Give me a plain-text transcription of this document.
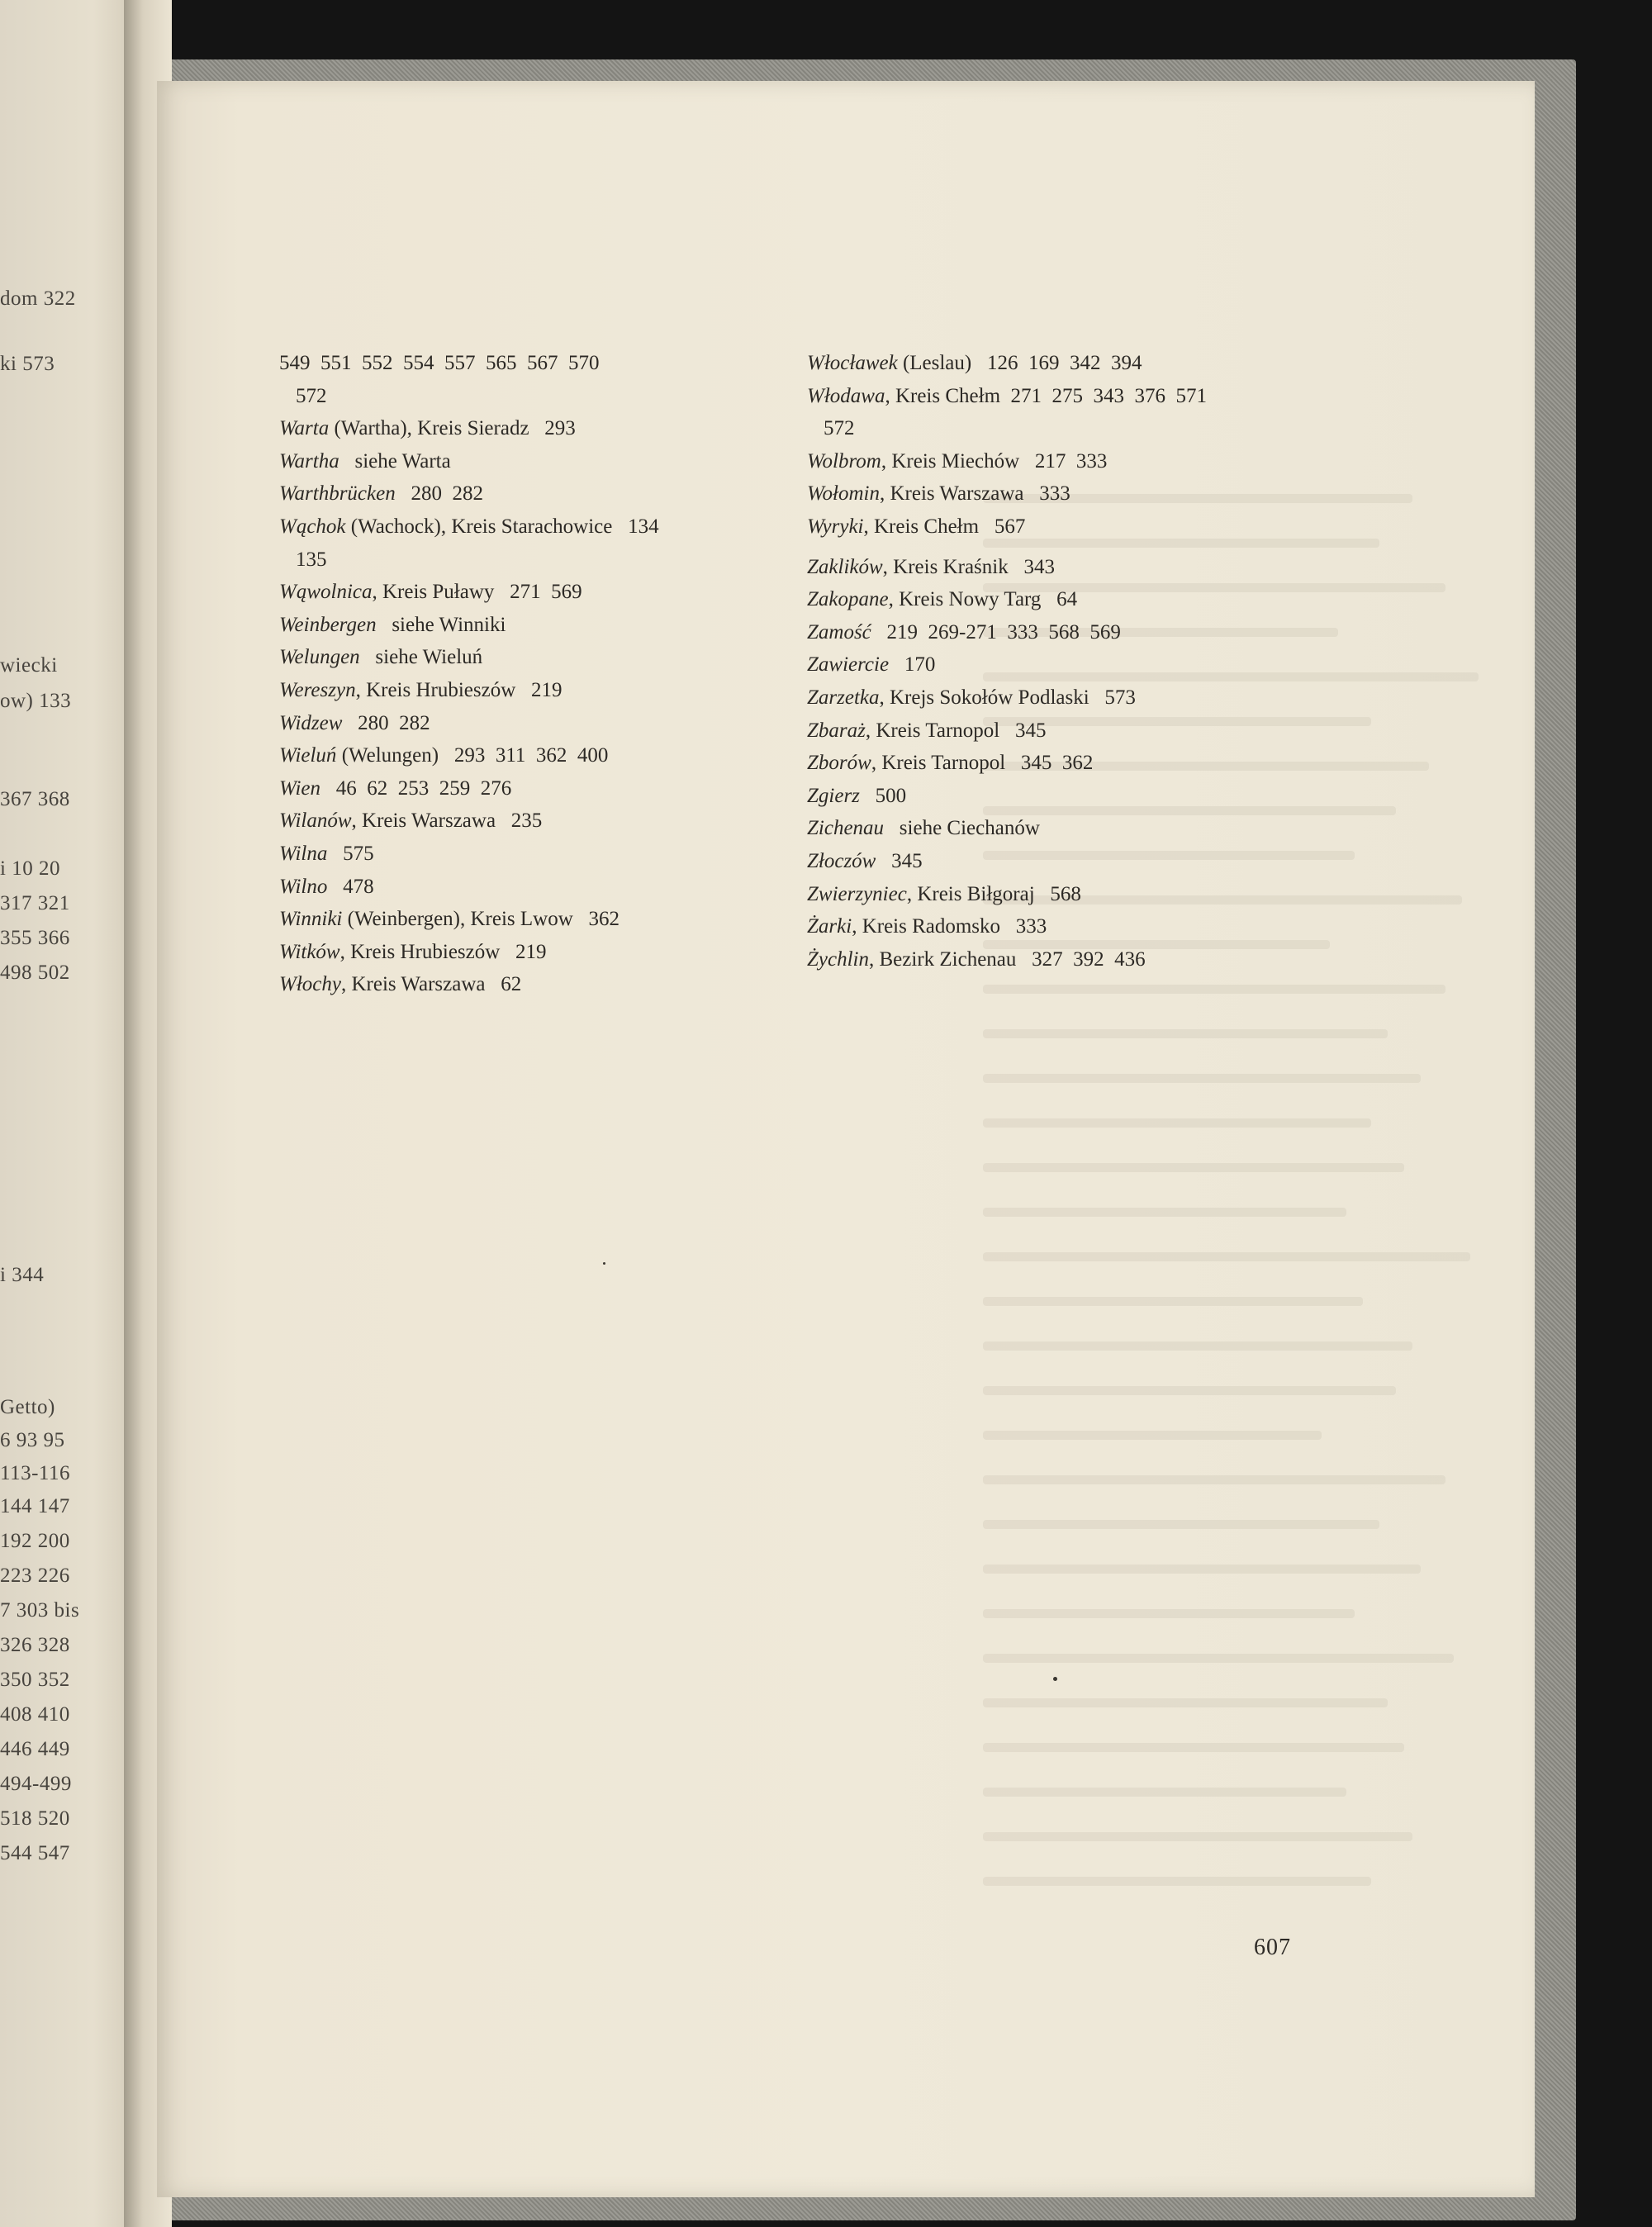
dom 322
ki 573
wiecki
ow) 133
367 368
i 10 20
317 321
355 366
498 502
i 344
Getto)
6 93 95
113-116
144 147
192 200
223 226
7 303 bis
326 328
350 352
408 410
446 449
494-499
518 520
544 547
549  551  552  554  557  565  567  570
572
Warta (Wartha), Kreis Sieradz   293
Wartha   siehe Warta
Warthbrücken   280  282
Wąchok (Wachock), Kreis Starachowice   134
135
Wąwolnica, Kreis Puławy   271  569
Weinbergen   siehe Winniki
Welungen   siehe Wieluń
Wereszyn, Kreis Hrubieszów   219
Widzew   280  282
Wieluń (Welungen)   293  311  362  400
Wien   46  62  253  259  276
Wilanów, Kreis Warszawa   235
Wilna   575
Wilno   478
Winniki (Weinbergen), Kreis Lwow   362
Witków, Kreis Hrubieszów   219
Włochy, Kreis Warszawa   62
Włocławek (Leslau)   126  169  342  394
Włodawa, Kreis Chełm  271  275  343  376  571
572
Wolbrom, Kreis Miechów   217  333
Wołomin, Kreis Warszawa   333
Wyryki, Kreis Chełm   567
Zaklików, Kreis Kraśnik   343
Zakopane, Kreis Nowy Targ   64
Zamość   219  269-271  333  568  569
Zawiercie   170
Zarzetka, Krejs Sokołów Podlaski   573
Zbaraż, Kreis Tarnopol   345
Zborów, Kreis Tarnopol   345  362
Zgierz   500
Zichenau   siehe Ciechanów
Złoczów   345
Zwierzyniec, Kreis Biłgoraj   568
Żarki, Kreis Radomsko   333
Żychlin, Bezirk Zichenau   327  392  436
607
